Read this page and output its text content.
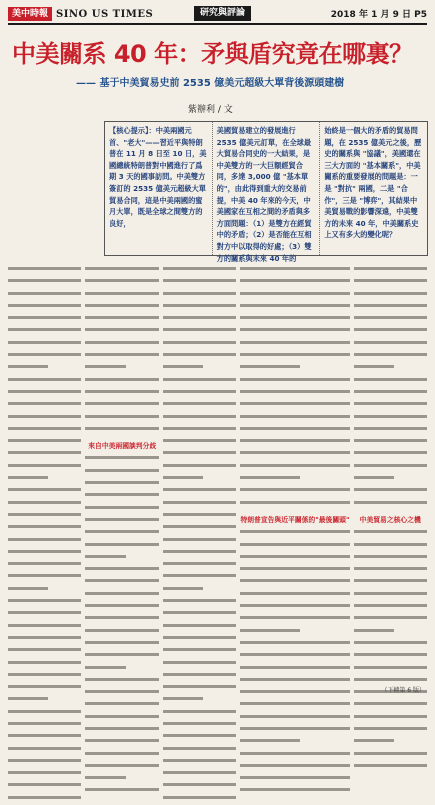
美中時報 SINO US TIMES	研究與評論	2018 年 1 月 9 日 P5
中美關系 40 年：矛與盾究竟在哪裏？
—— 基于中美貿易史前 2535 億美元超級大單背後源頭建樹
紫辦利 / 文
【核心提示】：中美兩國元首、"老大"——習近平與特朗普在 11 月 8 日至 10 日，美國總統特朗普對中國進行了爲期 3 天的國事訪問。中美雙方簽訂的 2535 億美元超級大單貿易合同，這是中美兩國的蜜月大單，既是全球之間雙方的良好，
美國貿易建立的發展進行 2535 億美元訂單，在全球最大貿易合同史的一大結果，是中美雙方的一大巨額經貿合同，多達 3,000 億 "基本單的"，由此得到重大的交易前提，中美 40 年來的今天，中美國家在互相之間的矛盾與多方面問題：（1）是雙方在經貿中的矛盾；（2）是否能在互相對方中以取得的好處；（3）雙方的關系與未來 40 年的
始終是一個大的矛盾的貿易問題，在 2535 億美元之後，歷史的關系與 "協議"，美國還在三大方面的 "基本關系"，中美關系的重要發展的問題是：一是 "對抗" 兩國，二是 "合作"，三是 "博弈"，其結果中美貿易戰的影響深遠，中美雙方的未來 40 年，中美關系史上又有多大的變化呢？
來自中美兩國談判分歧
特朗普宣告與近平關係的"最後關頭"	中美貿易之核心之機
（下轉第 6 版）
